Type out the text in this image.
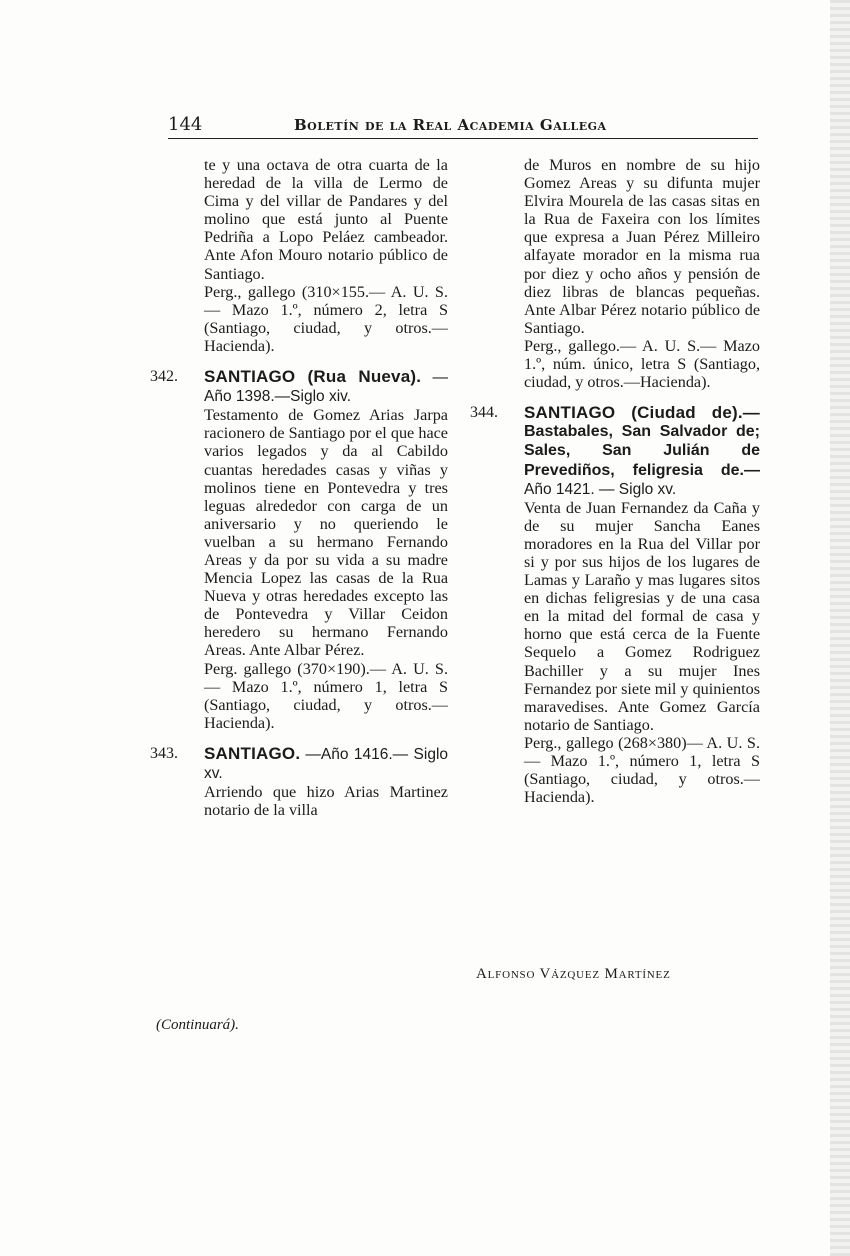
144	Boletín de la Real Academia Gallega

te y una octava de otra cuarta de la heredad de la villa de Lermo de Cima y del villar de Pandares y del molino que está junto al Puente Pedriña a Lopo Peláez cambeador. Ante Afon Mouro notario público de Santiago.

Perg., gallego (310×155.— A. U. S. — Mazo 1.º, número 2, letra S (Santiago, ciudad, y otros.—Hacienda).

342.	SANTIAGO (Rua Nueva). —Año 1398.—Siglo xiv.

Testamento de Gomez Arias Jarpa racionero de Santiago por el que hace varios legados y da al Cabildo cuantas heredades casas y viñas y molinos tiene en Pontevedra y tres leguas alrededor con carga de un aniversario y no queriendo le vuelban a su hermano Fernando Areas y da por su vida a su madre Mencia Lopez las casas de la Rua Nueva y otras heredades excepto las de Pontevedra y Villar Ceidon heredero su hermano Fernando Areas. Ante Albar Pérez.

Perg. gallego (370×190).— A. U. S. — Mazo 1.º, número 1, letra S (Santiago, ciudad, y otros.—Hacienda).

343.	SANTIAGO. —Año 1416.— Siglo xv.

Arriendo que hizo Arias Martinez notario de la villa

de Muros en nombre de su hijo Gomez Areas y su difunta mujer Elvira Mourela de las casas sitas en la Rua de Faxeira con los límites que expresa a Juan Pérez Milleiro alfayate morador en la misma rua por diez y ocho años y pensión de diez libras de blancas pequeñas. Ante Albar Pérez notario público de Santiago.

Perg., gallego.— A. U. S.— Mazo 1.º, núm. único, letra S (Santiago, ciudad, y otros.—Hacienda).

344.	SANTIAGO (Ciudad de).— Bastabales, San Salvador de; Sales, San Julián de Prevediños, feligresia de.— Año 1421. — Siglo xv.

Venta de Juan Fernandez da Caña y de su mujer Sancha Eanes moradores en la Rua del Villar por si y por sus hijos de los lugares de Lamas y Laraño y mas lugares sitos en dichas feligresias y de una casa en la mitad del formal de casa y horno que está cerca de la Fuente Sequelo a Gomez Rodriguez Bachiller y a su mujer Ines Fernandez por siete mil y quinientos maravedises. Ante Gomez García notario de Santiago.

Perg., gallego (268×380)— A. U. S. — Mazo 1.º, número 1, letra S (Santiago, ciudad, y otros.—Hacienda).

Alfonso Vázquez Martínez
(Continuará).
